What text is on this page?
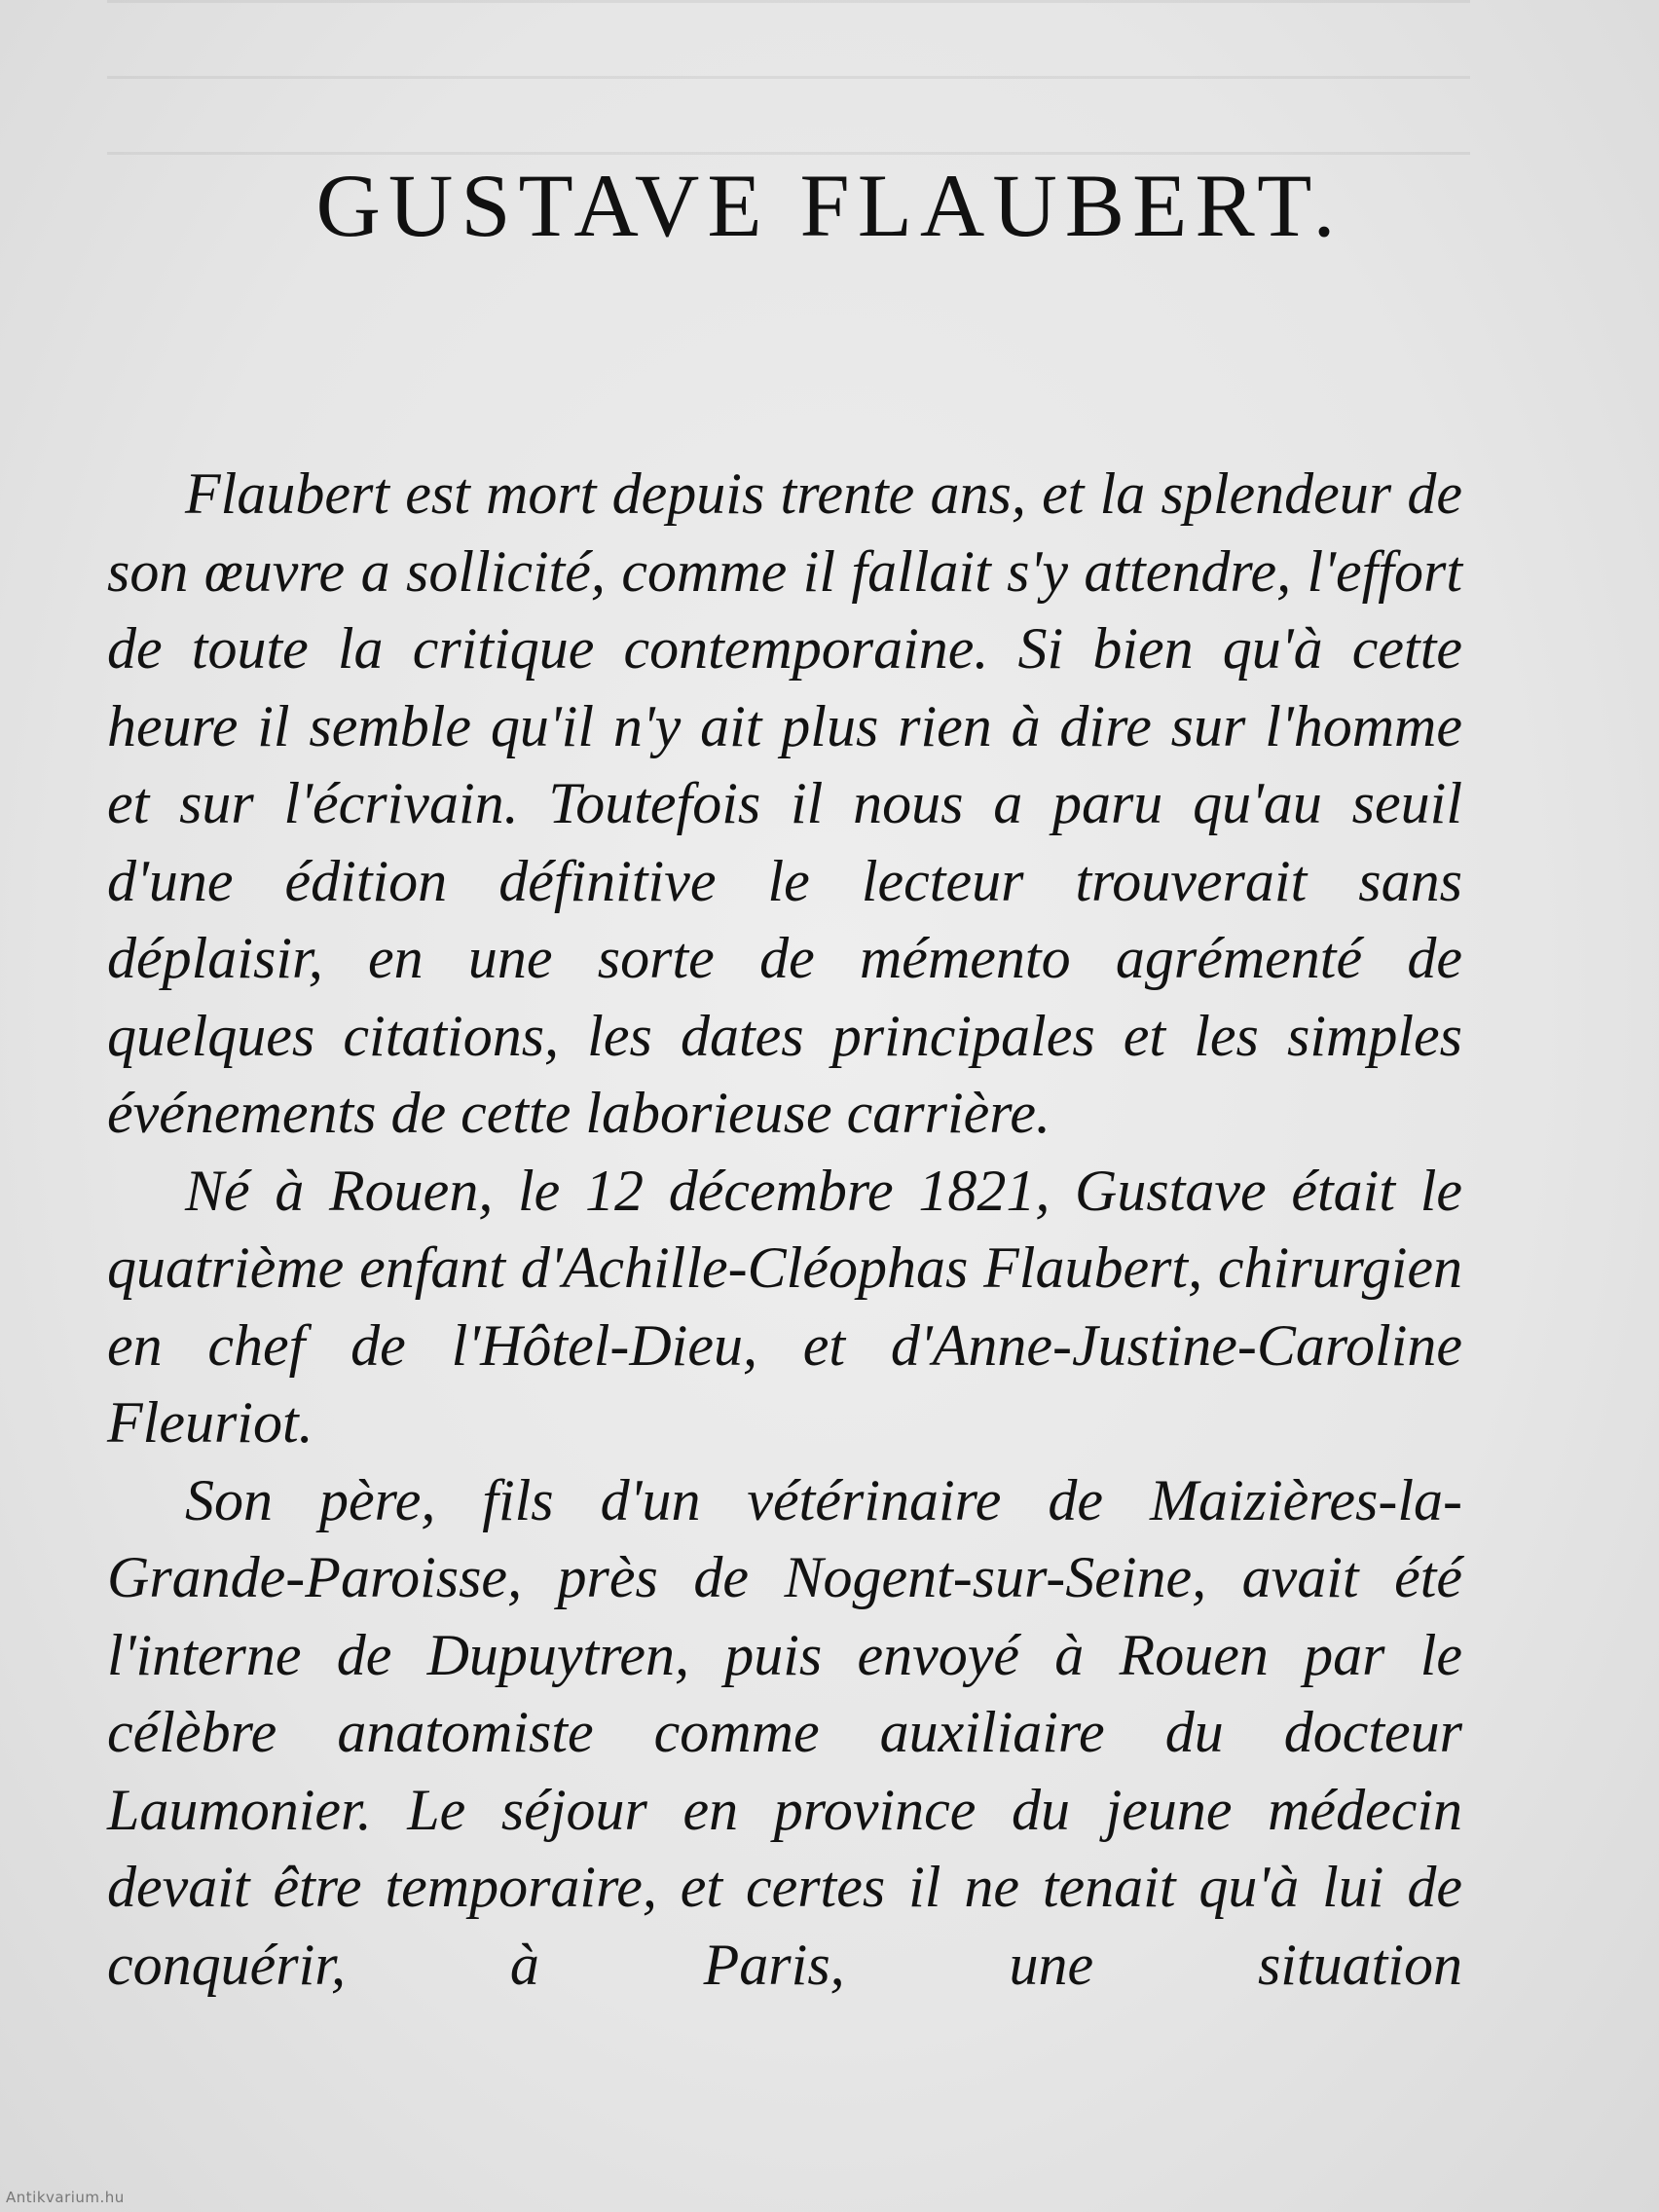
GUSTAVE FLAUBERT.

Flaubert est mort depuis trente ans, et la splendeur de son œuvre a sollicité, comme il fallait s'y attendre, l'effort de toute la critique contemporaine. Si bien qu'à cette heure il semble qu'il n'y ait plus rien à dire sur l'homme et sur l'écrivain. Toutefois il nous a paru qu'au seuil d'une édition définitive le lecteur trouverait sans déplaisir, en une sorte de mémento agrémenté de quelques citations, les dates principales et les simples événements de cette laborieuse carrière.

Né à Rouen, le 12 décembre 1821, Gustave était le quatrième enfant d'Achille-Cléophas Flaubert, chirurgien en chef de l'Hôtel-Dieu, et d'Anne-Justine-Caroline Fleuriot.

Son père, fils d'un vétérinaire de Maizières-la-Grande-Paroisse, près de Nogent-sur-Seine, avait été l'interne de Dupuytren, puis envoyé à Rouen par le célèbre anatomiste comme auxiliaire du docteur Laumonier. Le séjour en province du jeune médecin devait être temporaire, et certes il ne tenait qu'à lui de conquérir, à Paris, une situation

Antikvarium.hu
